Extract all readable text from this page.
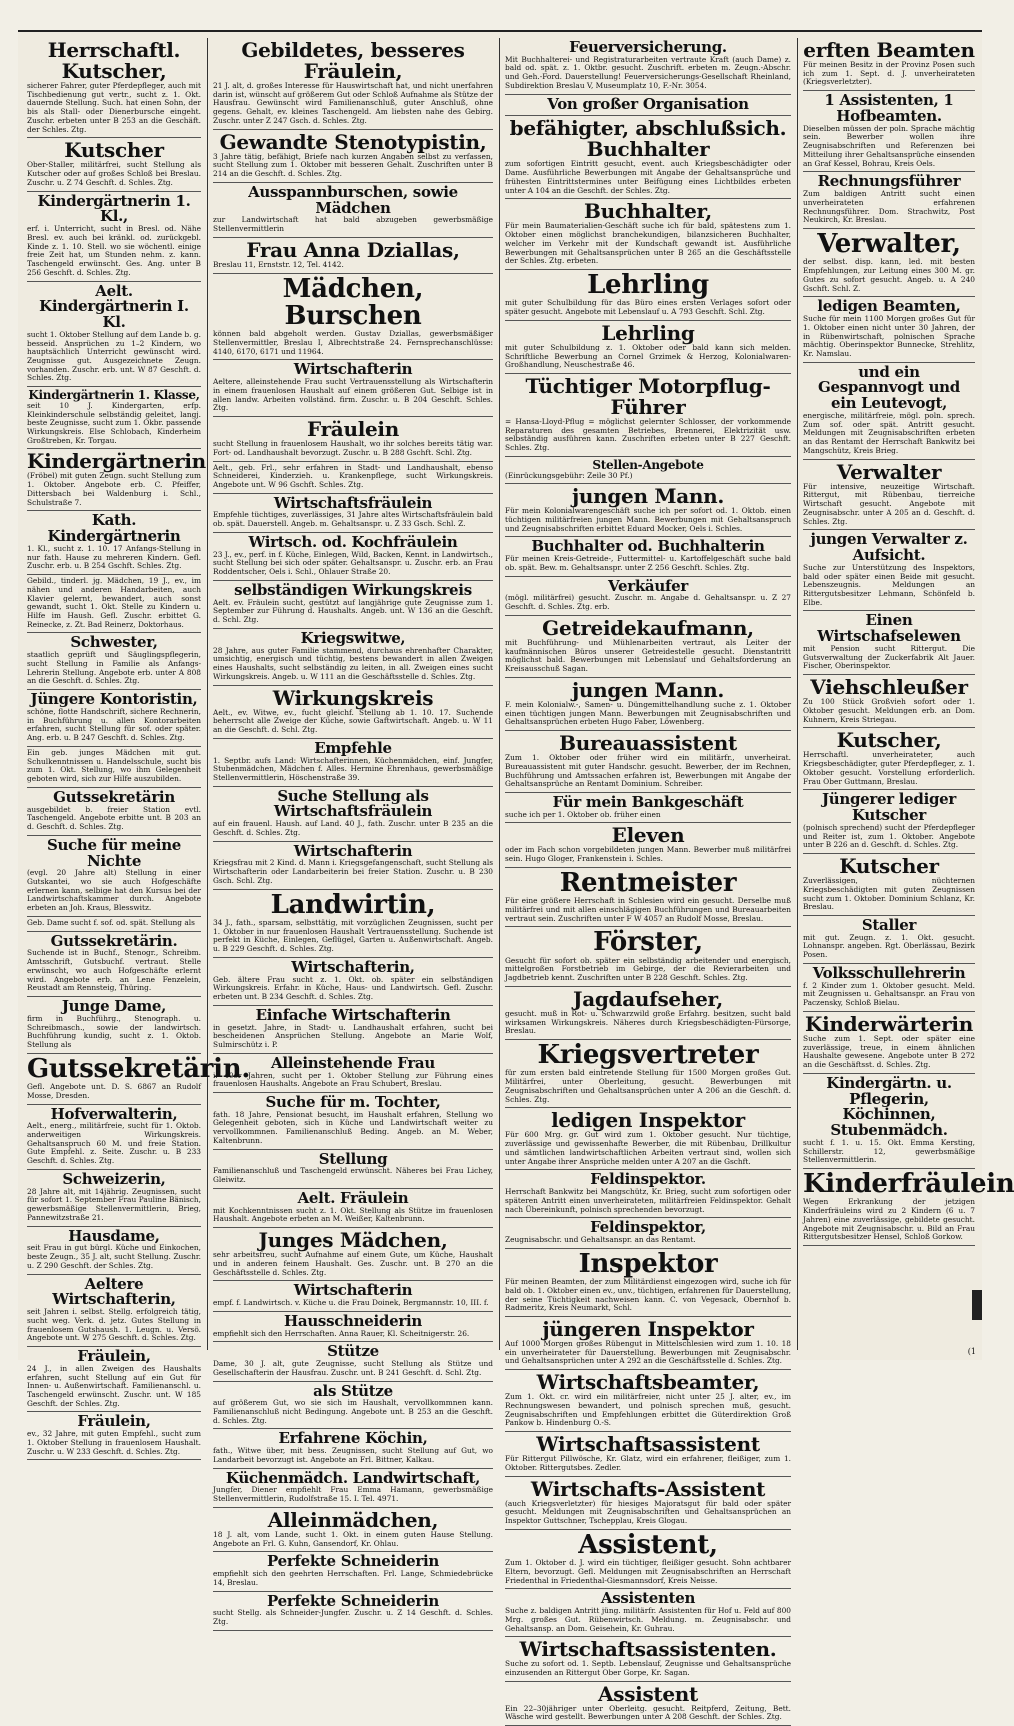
Herrschaftl. Kutscher,
sicherer Fahrer, guter Pferdepfleger, auch mit Tischbedienung gut vertr., sucht z. 1. Okt. dauernde Stellung. Such. hat einen Sohn, der bis als Stall- oder Dienerbursche eingeht. Zuschr. erbeten unter B 253 an die Geschäft. der Schles. Ztg.
Kutscher
Ober-Staller, militärfrei, sucht Stellung als Kutscher oder auf großes Schloß bei Breslau. Zuschr. u. Z 74 Geschft. d. Schles. Ztg.
Kindergärtnerin 1. Kl.,
erf. i. Unterricht, sucht in Bresl. od. Nähe Bresl. ev. auch bei kränkl. od. zurückgebl. Kinde z. 1. 10. Stell. wo sie wöchentl. einige freie Zeit hat, um Stunden nehm. z. kann. Taschengeld erwünscht. Ges. Ang. unter B 256 Geschft. d. Schles. Ztg.
Aelt. Kindergärtnerin I. Kl.
sucht 1. Oktober Stellung auf dem Lande b. g. besseid. Ansprüchen zu 1–2 Kindern, wo hauptsächlich Unterricht gewünscht wird. Zeugnisse gut. Ausgezeichnete Zeugn. vorhanden. Zuschr. erb. unt. W 87 Geschft. d. Schles. Ztg.
Kindergärtnerin 1. Klasse,
seit 10 J. Kindergarten, erfp. Kleinkinderschule selbständig geleitet, langj. beste Zeugnisse, sucht zum 1. Okbr. passende Wirkungskreis. Else Schlobach, Kinderheim Großtreben, Kr. Torgau.
Kindergärtnerin
(Fröbel) mit guten Zeugn. sucht Stellung zum 1. Oktober. Angebote erb. C. Pfeiffer, Dittersbach bei Waldenburg i. Schl., Schulstraße 7.
Kath. Kindergärtnerin
1. Kl., sucht z. 1. 10. 17 Anfangs-Stellung in nur fath. Hause zu mehreren Kindern. Gefl. Zuschr. erb. u. B 254 Gschft. Schles. Ztg.
Gebild., tinderl. jg. Mädchen, 19 J., ev., im nähen und anderen Handarbeiten, auch Klavier gelernt, bewandert, auch sonst gewandt, sucht 1. Okt. Stelle zu Kindern u. Hilfe im Haush. Gefl. Zuschr. erbittet G. Reinecke, z. Zt. Bad Reinerz, Doktorhaus.
Schwester,
staatlich geprüft und Säuglingspflegerin, sucht Stellung in Familie als Anfangs-Lehrerin Stellung. Angebote erb. unter A 808 an die Geschft. d. Schles. Ztg.
Jüngere Kontoristin,
schöne, flotte Handschrift, sichere Rechnerin, in Buchführung u. allen Kontorarbeiten erfahren, sucht Stellung für sof. oder später. Ang. erb. u. B 247 Geschft. d. Schles. Ztg.
Ein geb. junges Mädchen mit gut. Schulkenntnissen u. Handelsschule, sucht bis zum 1. Okt. Stellung, wo ihm Gelegenheit geboten wird, sich zur Hilfe auszubilden.
Gutssekretärin
ausgebildet b. freier Station evtl. Taschengeld. Angebote erbitte unt. B 203 an d. Geschft. d. Schles. Ztg.
Suche für meine Nichte
(evgl. 20 Jahre alt) Stellung in einer Gutskantei, wo sie auch Hofgeschäfte erlernen kann, selbige hat den Kursus bei der Landwirtschaftskammer durch. Angebote erbeten an Joh. Kraus, Blesswitz.
Geb. Dame sucht f. sof. od. spät. Stellung als
Gutssekretärin.
Suchende ist in Buchf., Stenogr., Schreibm. Amtsschrift, Gutsbuchf. vertraut. Stelle erwünscht, wo auch Hofgeschäfte erlernt wird. Angebote erb. an Lene Fenzelein, Reustadt am Rennsteig, Thüring.
Junge Dame,
firm in Buchführg., Stenograph. u. Schreibmasch., sowie der landwirtsch. Buchführung kundig, sucht z. 1. Oktob. Stellung als
Gutssekretärin.
Gefl. Angebote unt. D. S. 6867 an Rudolf Mosse, Dresden.
Hofverwalterin,
Aelt., energ., militärfreie, sucht für 1. Oktob. anderweitigen Wirkungskreis. Gehaltsanspruch 60 M. und freie Station. Gute Empfehl. z. Seite. Zuschr. u. B 233 Geschft. d. Schles. Ztg.
Schweizerin,
28 Jahre alt, mit 14jährig. Zeugnissen, sucht für sofort 1. September Frau Pauline Bänisch, gewerbsmäßige Stellenvermittlerin, Brieg, Pannewitzstraße 21.
Hausdame,
seit Frau in gut bürgl. Küche und Einkochen, beste Zeugn., 35 J. alt, sucht Stellung. Zuschr. u. Z 290 Geschft. der Schles. Ztg.
Aeltere Wirtschafterin,
seit Jahren i. selbst. Stellg. erfolgreich tätig, sucht weg. Verk. d. jetz. Gutes Stellung in frauenlosem Gutshaush. 1. Leugn. u. Versö. Angebote unt. W 275 Geschft. d. Schles. Ztg.
Fräulein,
24 J., in allen Zweigen des Haushalts erfahren, sucht Stellung auf ein Gut für Innen- u. Außenwirtschaft. Familienanschl. u. Taschengeld erwünscht. Zuschr. unt. W 185 Geschft. der Schles. Ztg.
Fräulein,
ev., 32 Jahre, mit guten Empfehl., sucht zum 1. Oktober Stellung in frauenlosem Haushalt. Zuschr. u. W 233 Geschft. d. Schles. Ztg.
Gebildetes, besseres Fräulein,
21 J. alt, d. großes Interesse für Hauswirtschaft hat, und nicht unerfahren darin ist, wünscht auf größerem Gut oder Schloß Aufnahme als Stütze der Hausfrau. Gewünscht wird Familienanschluß, guter Anschluß, ohne gegens. Gehalt, ev. kleines Taschengeld. Am liebsten nahe des Gebirg. Zuschr. unter Z 247 Gsch. d. Schles. Ztg.
Gewandte Stenotypistin,
3 Jahre tätig, befähigt, Briefe nach kurzen Angaben selbst zu verfassen, sucht Stellung zum 1. Oktober mit besseren Gehalt. Zuschriften unter B 214 an die Geschft. d. Schles. Ztg.
Ausspannburschen, sowie Mädchen
zur Landwirtschaft hat bald abzugeben gewerbsmäßige Stellenvermittlerin
Frau Anna Dziallas,
Breslau 11, Ernststr. 12, Tel. 4142.
Mädchen, Burschen
können bald abgeholt werden. Gustav Dziallas, gewerbsmäßiger Stellenvermittler, Breslau I, Albrechtstraße 24. Fernsprechanschlüsse: 4140, 6170, 6171 und 11964.
Wirtschafterin
Aeltere, alleinstehende Frau sucht Vertrauensstellung als Wirtschafterin in einem frauenlosen Haushalt auf einem größeren Gut. Selbige ist in allen landw. Arbeiten vollständ. firm. Zuschr. u. B 204 Geschft. Schles. Ztg.
Fräulein
sucht Stellung in frauenlosem Haushalt, wo ihr solches bereits tätig war. Fort- od. Landhaushalt bevorzugt. Zuschr. u. B 288 Gschft. Schl. Ztg.
Aelt., geb. Frl., sehr erfahren in Stadt- und Landhaushalt, ebenso Schneiderei, Kinderzieh. u. Krankenpflege, sucht Wirkungskreis. Angebote unt. W 96 Gschft. Schles. Ztg.
Wirtschaftsfräulein
Empfehle tüchtiges, zuverlässiges, 31 Jahre altes Wirtschaftsfräulein bald ob. spät. Dauerstell. Angeb. m. Gehaltsanspr. u. Z 33 Gsch. Schl. Z.
Wirtsch. od. Kochfräulein
23 J., ev., perf. in f. Küche, Einlegen, Wild, Backen, Kennt. in Landwirtsch., sucht Stellung bei sich oder später. Gehaltsanspr. u. Zuschr. erb. an Frau Roddentscher, Oels i. Schl., Ohlauer Straße 20.
selbständigen Wirkungskreis
Aelt. ev. Fräulein sucht, gestützt auf langjährige gute Zeugnisse zum 1. September zur Führung d. Haushalts. Angeb. unt. W 136 an die Geschft. d. Schl. Ztg.
Kriegswitwe,
28 Jahre, aus guter Familie stammend, durchaus ehrenhafter Charakter, umsichtig, energisch und tüchtig, bestens bewandert in allen Zweigen eines Haushalts, sucht selbständig zu leiten, in all. Zweigen eines sucht Wirkungskreis. Angeb. u. W 111 an die Geschäftsstelle d. Schles. Ztg.
Wirkungskreis
Aelt., ev. Witwe, ev., fucht gleichf. Stellung ab 1. 10. 17. Suchende beherrscht alle Zweige der Küche, sowie Gaftwirtschaft. Angeb. u. W 11 an die Geschft. d. Schl. Ztg.
Empfehle
1. Septbr. aufs Land: Wirtschafterinnen, Küchenmädchen, einf. Jungfer, Stubenmädchen, Mädchen f. Alles. Hermine Ehrenhaus, gewerbsmäßige Stellenvermittlerin, Höschenstraße 39.
Suche Stellung als Wirtschaftsfräulein
auf ein frauenl. Haush. auf Land. 40 J., fath. Zuschr. unter B 235 an die Geschft. d. Schles. Ztg.
Wirtschafterin
Kriegsfrau mit 2 Kind. d. Mann i. Kriegsgefangenschaft, sucht Stellung als Wirtschafterin oder Landarbeiterin bei freier Station. Zuschr. u. B 230 Gsch. Schl. Ztg.
Landwirtin,
34 J., fath., sparsam, selbsttätig, mit vorzüglichen Zeugnissen, sucht per 1. Oktober in nur frauenlosen Haushalt Vertrauensstellung. Suchende ist perfekt in Küche, Einlegen, Geflügel, Garten u. Außenwirtschaft. Angeb. u. B 229 Geschft. d. Schles. Ztg.
Wirtschafterin,
Geb. ältere Frau sucht z. 1. Okt. ob. später ein selbständigen Wirkungskreis. Erfahr. in Küche, Haus- und Landwirtsch. Gefl. Zuschr. erbeten unt. B 234 Geschft. d. Schles. Ztg.
Einfache Wirtschafterin
in gesetzt. Jahre, in Stadt- u. Landhaushalt erfahren, sucht bei bescheidenen Ansprüchen Stellung. Angebote an Marie Wolf, Sulmirschütz i. P.
Alleinstehende Frau
i. 40er Jahren, sucht per 1. Oktober Stellung zur Führung eines frauenlosen Haushalts. Angebote an Frau Schubert, Breslau.
Suche für m. Tochter,
fath. 18 Jahre, Pensionat besucht, im Haushalt erfahren, Stellung wo Gelegenheit geboten, sich in Küche und Landwirtschaft weiter zu vervollkommnen. Familienanschluß Beding. Angeb. an M. Weber, Kaltenbrunn.
Stellung
Familienanschluß und Taschengeld erwünscht. Näheres bei Frau Lichey, Gleiwitz.
Aelt. Fräulein
mit Kochkenntnissen sucht z. 1. Okt. Stellung als Stütze im frauenlosen Haushalt. Angebote erbeten an M. Weißer, Kaltenbrunn.
Junges Mädchen,
sehr arbeitsfreu, sucht Aufnahme auf einem Gute, um Küche, Haushalt und in anderen feinem Haushalt. Ges. Zuschr. unt. B 270 an die Geschäftsstelle d. Schles. Ztg.
Wirtschafterin
empf. f. Landwirtsch. v. Küche u. die Frau Doinek, Bergmannstr. 10, III. f.
Hausschneiderin
empfiehlt sich den Herrschaften. Anna Rauer, Kl. Scheitnigerstr. 26.
Stütze
Dame, 30 J. alt, gute Zeugnisse, sucht Stellung als Stütze und Gesellschafterin der Hausfrau. Zuschr. unt. B 241 Geschft. d. Schl. Ztg.
als Stütze
auf größerem Gut, wo sie sich im Haushalt, vervollkommnen kann. Familienanschluß nicht Bedingung. Angebote unt. B 253 an die Geschft. d. Schles. Ztg.
Erfahrene Köchin,
fath., Witwe über, mit bess. Zeugnissen, sucht Stellung auf Gut, wo Landarbeit bevorzugt ist. Angebote an Frl. Bittner, Kalkau.
Küchenmädch. Landwirtschaft,
Jungfer, Diener empfiehlt Frau Emma Hamann, gewerbsmäßige Stellenvermittlerin, Rudolfstraße 15. I. Tel. 4971.
Alleinmädchen,
18 J. alt, vom Lande, sucht 1. Okt. in einem guten Hause Stellung. Angebote an Frl. G. Kuhn, Gansendorf, Kr. Ohlau.
Perfekte Schneiderin
empfiehlt sich den geehrten Herrschaften. Frl. Lange, Schmiedebrücke 14, Breslau.
Perfekte Schneiderin
sucht Stellg. als Schneider-Jungfer. Zuschr. u. Z 14 Geschft. d. Schles. Ztg.
Feuerversicherung.
Mit Buchhalterei- und Registraturarbeiten vertraute Kraft (auch Dame) z. bald od. spät. z. 1. Oktbr. gesucht. Zuschrift. erbeten m. Zeugn.-Abschr. und Geh.-Ford. Dauerstellung! Feuerversicherungs-Gesellschaft Rheinland, Subdirektion Breslau V, Museumplatz 10, F.-Nr. 3054.
Von großer Organisation
befähigter, abschlußsich. Buchhalter
zum sofortigen Eintritt gesucht, event. auch Kriegsbeschädigter oder Dame. Ausführliche Bewerbungen mit Angabe der Gehaltsansprüche und frühesten Eintrittstermines unter Beifügung eines Lichtbildes erbeten unter A 104 an die Geschft. der Schles. Ztg.
Buchhalter,
Für mein Baumaterialien-Geschäft suche ich für bald, spätestens zum 1. Oktober einen möglichst branchekundigen, bilanzsicheren Buchhalter, welcher im Verkehr mit der Kundschaft gewandt ist. Ausführliche Bewerbungen mit Gehaltsansprüchen unter B 265 an die Geschäftsstelle der Schles. Ztg. erbeten.
Lehrling
mit guter Schulbildung für das Büro eines ersten Verlages sofort oder später gesucht. Angebote mit Lebenslauf u. A 793 Geschft. Schl. Ztg.
Lehrling
mit guter Schulbildung z. 1. Oktober oder bald kann sich melden. Schriftliche Bewerbung an Cornel Grzimek & Herzog, Kolonialwaren-Großhandlung, Neuschestraße 46.
Tüchtiger Motorpflug-Führer
= Hansa-Lloyd-Pflug = möglichst gelernter Schlosser, der vorkommende Reparaturen des gesamten Betriebes, Brennerei, Elektrizität usw. selbständig ausführen kann. Zuschriften erbeten unter B 227 Geschft. Schles. Ztg.
Stellen-Angebote
(Einrückungsgebühr: Zeile 30 Pf.)
jungen Mann.
Für mein Kolonialwarengeschäft suche ich per sofort od. 1. Oktob. einen tüchtigen militärfreien jungen Mann. Bewerbungen mit Gehaltsanspruch und Zeugnisabschriften erbittet Eduard Mocker, Oels i. Schles.
Buchhalter od. Buchhalterin
Für meinen Kreis-Getreide-, Futtermittel- u. Kartoffelgeschäft suche bald ob. spät. Bew. m. Gehaltsanspr. unter Z 256 Geschft. Schles. Ztg.
Verkäufer
(mögl. militärfrei) gesucht. Zuschr. m. Angabe d. Gehaltsanspr. u. Z 27 Geschft. d. Schles. Ztg. erb.
Getreidekaufmann,
mit Buchführung- und Mühlenarbeiten vertraut, als Leiter der kaufmännischen Büros unserer Getreidestelle gesucht. Dienstantritt möglichst bald. Bewerbungen mit Lebenslauf und Gehaltsforderung an Kreisausschuß Sagan.
jungen Mann.
F. mein Kolonialw.-, Samen- u. Düngemittelhandlung suche z. 1. Oktober einen tüchtigen jungen Mann. Bewerbungen mit Zeugnisabschriften und Gehaltsansprüchen erbeten Hugo Faber, Löwenberg.
Bureauassistent
Zum 1. Oktober oder früher wird ein militärfr., unverheirat. Bureauassistent mit guter Handschr. gesucht. Bewerber, der im Rechnen, Buchführung und Amtssachen erfahren ist, Bewerbungen mit Angabe der Gehaltsansprüche an Rentamt Dominium. Schreiber.
Für mein Bankgeschäft
suche ich per 1. Oktober ob. früher einen
Eleven
oder im Fach schon vorgebildeten jungen Mann. Bewerber muß militärfrei sein. Hugo Gloger, Frankenstein i. Schles.
Rentmeister
Für eine größere Herrschaft in Schlesien wird ein gesucht. Derselbe muß militärfrei und mit allen einschlägigen Buchführungen und Bureauarbeiten vertraut sein. Zuschriften unter F W 4057 an Rudolf Mosse, Breslau.
Förster,
Gesucht für sofort ob. später ein selbständig arbeitender und energisch, mittelgroßen Forstbetrieb im Gebirge, der die Revierarbeiten und Jagdbetrieb kennt. Zuschriften unter B 228 Geschft. Schles. Ztg.
Jagdaufseher,
gesucht. muß in Rot- u. Schwarzwild große Erfahrg. besitzen, sucht bald wirksamen Wirkungskreis. Näheres durch Kriegsbeschädigten-Fürsorge, Breslau.
Kriegsvertreter
für zum ersten bald eintretende Stellung für 1500 Morgen großes Gut. Militärfrei, unter Oberleitung, gesucht. Bewerbungen mit Zeugnisabschriften und Gehaltsansprüchen unter A 206 an die Geschft. d. Schles. Ztg.
ledigen Inspektor
Für 600 Mrg. gr. Gut wird zum 1. Oktober gesucht. Nur tüchtige, zuverlässige und gewissenhafte Bewerber, die mit Rübenbau, Drillkultur und sämtlichen landwirtschaftlichen Arbeiten vertraut sind, wollen sich unter Angabe ihrer Ansprüche melden unter A 207 an die Gschft.
Feldinspektor.
Herrschaft Bankwitz bei Mangschütz, Kr. Brieg, sucht zum sofortigen oder späteren Antritt einen unverheirateten, militärfreien Feldinspektor. Gehalt nach Übereinkunft, polnisch sprechenden bevorzugt.
Feldinspektor,
Zeugnisabschr. und Gehaltsanspr. an das Rentamt.
Inspektor
Für meinen Beamten, der zum Militärdienst eingezogen wird, suche ich für bald ob. 1. Oktober einen ev., unv., tüchtigen, erfahrenen für Dauerstellung, der seine Tüchtigkeit nachweisen kann. C. von Vegesack, Obernhof b. Radmeritz, Kreis Neumarkt, Schl.
jüngeren Inspektor
Auf 1000 Morgen großes Rübengut in Mittelschlesien wird zum 1. 10. 18 ein unverheirateter für Dauerstellung. Bewerbungen mit Zeugnisabschr. und Gehaltsansprüchen unter A 292 an die Geschäftsstelle d. Schles. Ztg.
Wirtschaftsbeamter,
Zum 1. Okt. cr. wird ein militärfreier, nicht unter 25 J. alter, ev., im Rechnungswesen bewandert, und polnisch sprechen muß, gesucht. Zeugnisabschriften und Empfehlungen erbittet die Güterdirektion Groß Pankow b. Hindenburg O.-S.
Wirtschaftsassistent
Für Rittergut Pillwösche, Kr. Glatz, wird ein erfahrener, fleißiger, zum 1. Oktober. Rittergutsbes. Zedler.
Wirtschafts-Assistent
(auch Kriegsverletzter) für hiesiges Majoratsgut für bald oder später gesucht. Meldungen mit Zeugnisabschriften und Gehaltsansprüchen an Inspektor Guttschner, Tschepplau, Kreis Glogau.
Assistent,
Zum 1. Oktober d. J. wird ein tüchtiger, fleißiger gesucht. Sohn achtbarer Eltern, bevorzugt. Gefl. Meldungen mit Zeugnisabschriften an Herrschaft Friedenthal in Friedenthal-Giesmannsdorf, Kreis Neisse.
Assistenten
Suche z. baldigen Antritt jüng. militärfr. Assistenten für Hof u. Feld auf 800 Mrg. großes Gut. Rübenwirtsch. Meldung. m. Zeugnisabschr. und Gehaltsansp. an Dom. Geisehein, Kr. Guhrau.
Wirtschaftsassistenten.
Suche zu sofort od. 1. Septb. Lebenslauf, Zeugnisse und Gehaltsansprüche einzusenden an Rittergut Ober Gorpe, Kr. Sagan.
Assistent
Ein 22–30jähriger unter Oberleitg. gesucht. Reitpferd, Zeitung, Bett. Wäsche wird gestellt. Bewerbungen unter A 208 Geschft. der Schles. Ztg.
erften Beamten
Für meinen Besitz in der Provinz Posen such ich zum 1. Sept. d. J. unverheirateten (Kriegsverletzter).
1 Assistenten, 1 Hofbeamten.
Dieselben müssen der poln. Sprache mächtig sein. Bewerber wollen ihre Zeugnisabschriften und Referenzen bei Mitteilung ihrer Gehaltsansprüche einsenden an Graf Kessel, Bohrau, Kreis Oels.
Rechnungsführer
Zum baldigen Antritt sucht einen unverheirateten erfahrenen Rechnungsführer. Dom. Strachwitz, Post Neukirch, Kr. Breslau.
Verwalter,
der selbst. disp. kann, led. mit besten Empfehlungen, zur Leitung eines 300 M. gr. Gutes zu sofort gesucht. Angeb. u. A 240 Gschft. Schl. Z.
ledigen Beamten,
Suche für mein 1100 Morgen großes Gut für 1. Oktober einen nicht unter 30 Jahren, der in Rübenwirtschaft, polnischen Sprache mächtig. Oberinspektor Bunnecke, Strehlitz, Kr. Namslau.
und ein Gespannvogt und ein Leutevogt,
energische, militärfreie, mögl. poln. sprech. Zum sof. oder spät. Antritt gesucht. Meldungen mit Zeugnisabschriften erbeten an das Rentamt der Herrschaft Bankwitz bei Mangschütz, Kreis Brieg.
Verwalter
Für intensive, neuzeitige Wirtschaft. Rittergut, mit Rübenbau, tierreiche Wirtschaft gesucht. Angebote mit Zeugnisabschr. unter A 205 an d. Geschft. d. Schles. Ztg.
jungen Verwalter z. Aufsicht.
Suche zur Unterstützung des Inspektors, bald oder später einen Beide mit gesucht. Lebenszeugnis. Meldungen an Rittergutsbesitzer Lehmann, Schönfeld b. Elbe.
Einen Wirtschafselewen
mit Pension sucht Rittergut. Die Gutsverwaltung der Zuckerfabrik Alt Jauer. Fischer, Oberinspektor.
Viehschleußer
Zu 100 Stück Großvieh sofort oder 1. Oktober gesucht. Meldungen erb. an Dom. Kuhnern, Kreis Striegau.
Kutscher,
Herrschaftl. unverheirateter, auch Kriegsbeschädigter, guter Pferdepfleger, z. 1. Oktober gesucht. Vorstellung erforderlich. Frau Ober Guttmann, Breslau.
Jüngerer lediger Kutscher
(polnisch sprechend) sucht der Pferdepfleger und Reiter ist, zum 1. Oktober. Angebote unter B 226 an d. Geschft. d. Schles. Ztg.
Kutscher
Zuverlässigen, nüchternen Kriegsbeschädigten mit guten Zeugnissen sucht zum 1. Oktober. Dominium Schlanz, Kr. Breslau.
Staller
mit gut. Zeugn. z. 1. Okt. gesucht. Lohnanspr. angeben. Rgt. Oberlässau, Bezirk Posen.
Volksschullehrerin
f. 2 Kinder zum 1. Oktober gesucht. Meld. mit Zeugnissen u. Gehaltsanspr. an Frau von Paczensky, Schloß Bielau.
Kinderwärterin
Suche zum 1. Sept. oder später eine zuverlässige, treue, in einem ähnlichen Haushalte gewesene. Angebote unter B 272 an die Geschäftsst. d. Schles. Ztg.
Kindergärtn. u. Pflegerin, Köchinnen, Stubenmädch.
sucht f. 1. u. 15. Okt. Emma Kersting, Schillerstr. 12, gewerbsmäßige Stellenvermittlerin.
Kinderfräulein
Wegen Erkrankung der jetzigen Kinderfräuleins wird zu 2 Kindern (6 u. 7 Jahren) eine zuverlässige, gebildete gesucht. Angebote mit Zeugnisabschr. u. Bild an Frau Rittergutsbesitzer Hensel, Schloß Gorkow.
(1
